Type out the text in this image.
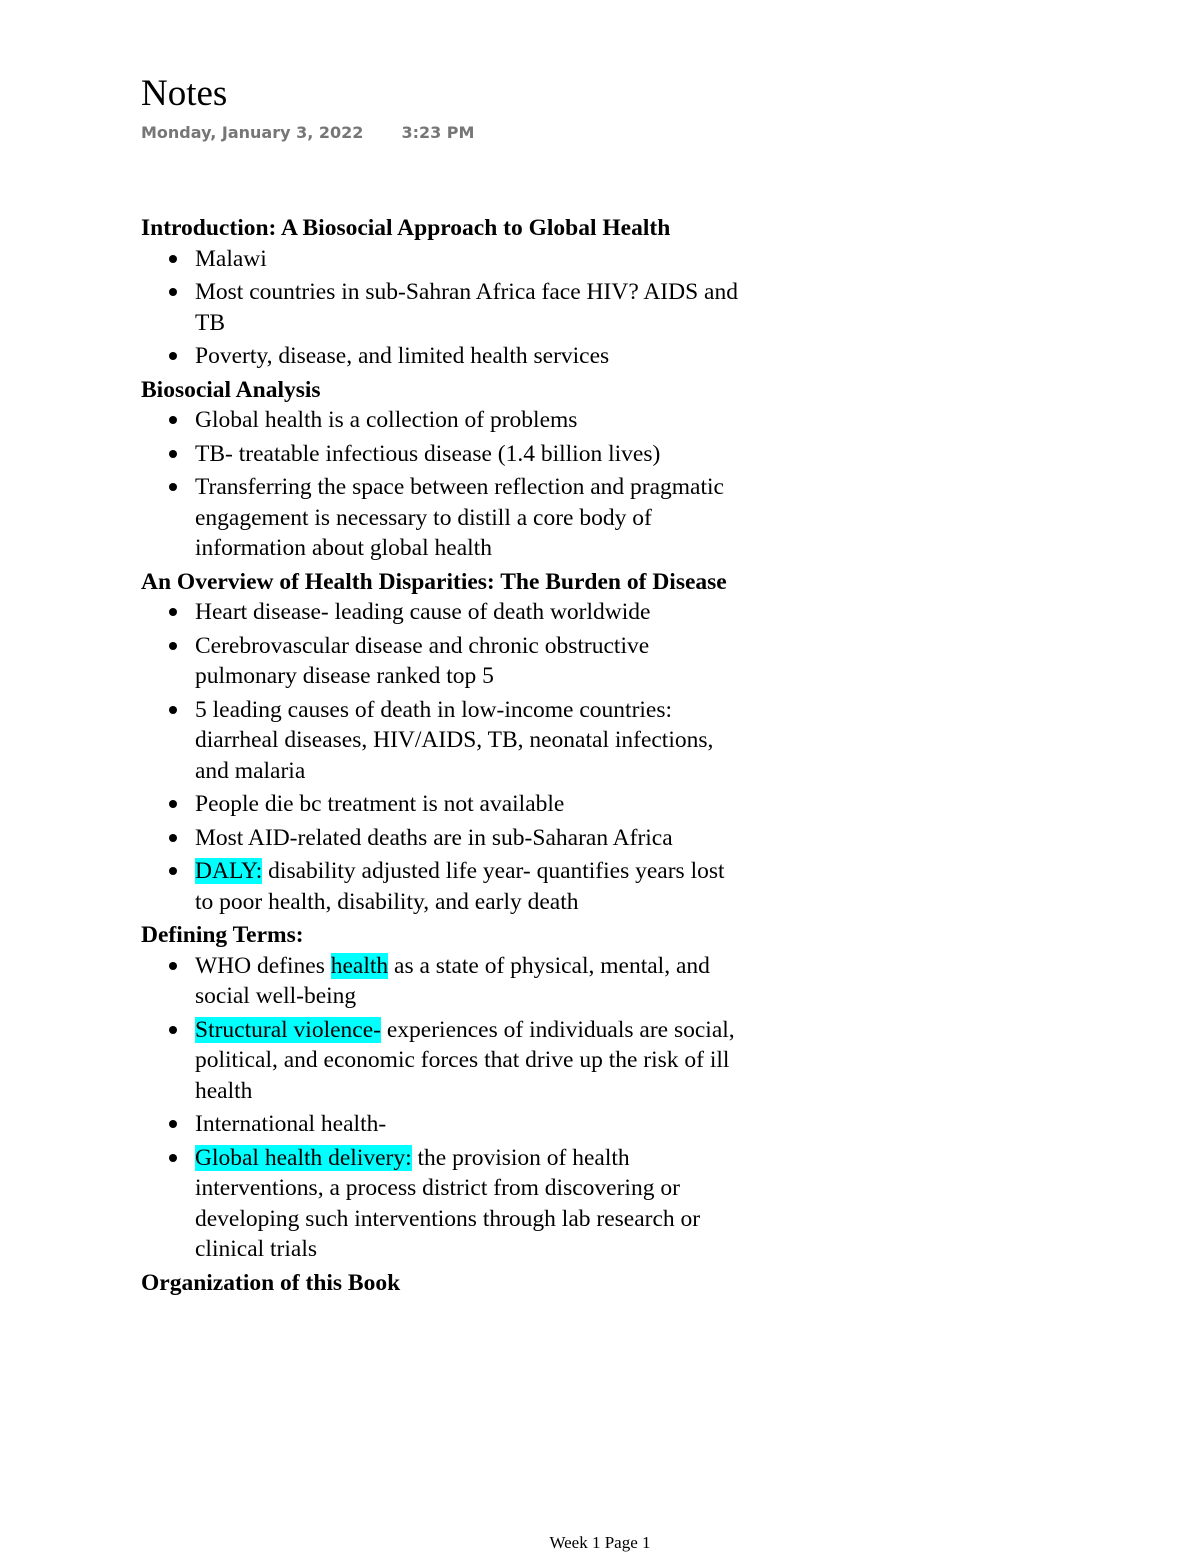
Notes
Monday, January 3, 2022 3:23 PM
Introduction: A Biosocial Approach to Global Health
Malawi
Most countries in sub-Sahran Africa face HIV? AIDS and TB
Poverty, disease, and limited health services
Biosocial Analysis
Global health is a collection of problems
TB- treatable infectious disease (1.4 billion lives)
Transferring the space between reflection and pragmatic engagement is necessary to distill a core body of information about global health
An Overview of Health Disparities: The Burden of Disease
Heart disease- leading cause of death worldwide
Cerebrovascular disease and chronic obstructive pulmonary disease ranked top 5
5 leading causes of death in low-income countries: diarrheal diseases, HIV/AIDS, TB, neonatal infections, and malaria
People die bc treatment is not available
Most AID-related deaths are in sub-Saharan Africa
DALY: disability adjusted life year- quantifies years lost to poor health, disability, and early death
Defining Terms:
WHO defines health as a state of physical, mental, and social well-being
Structural violence- experiences of individuals are social, political, and economic forces that drive up the risk of ill health
International health-
Global health delivery: the provision of health interventions, a process district from discovering or developing such interventions through lab research or clinical trials
Organization of this Book
Week 1 Page 1
